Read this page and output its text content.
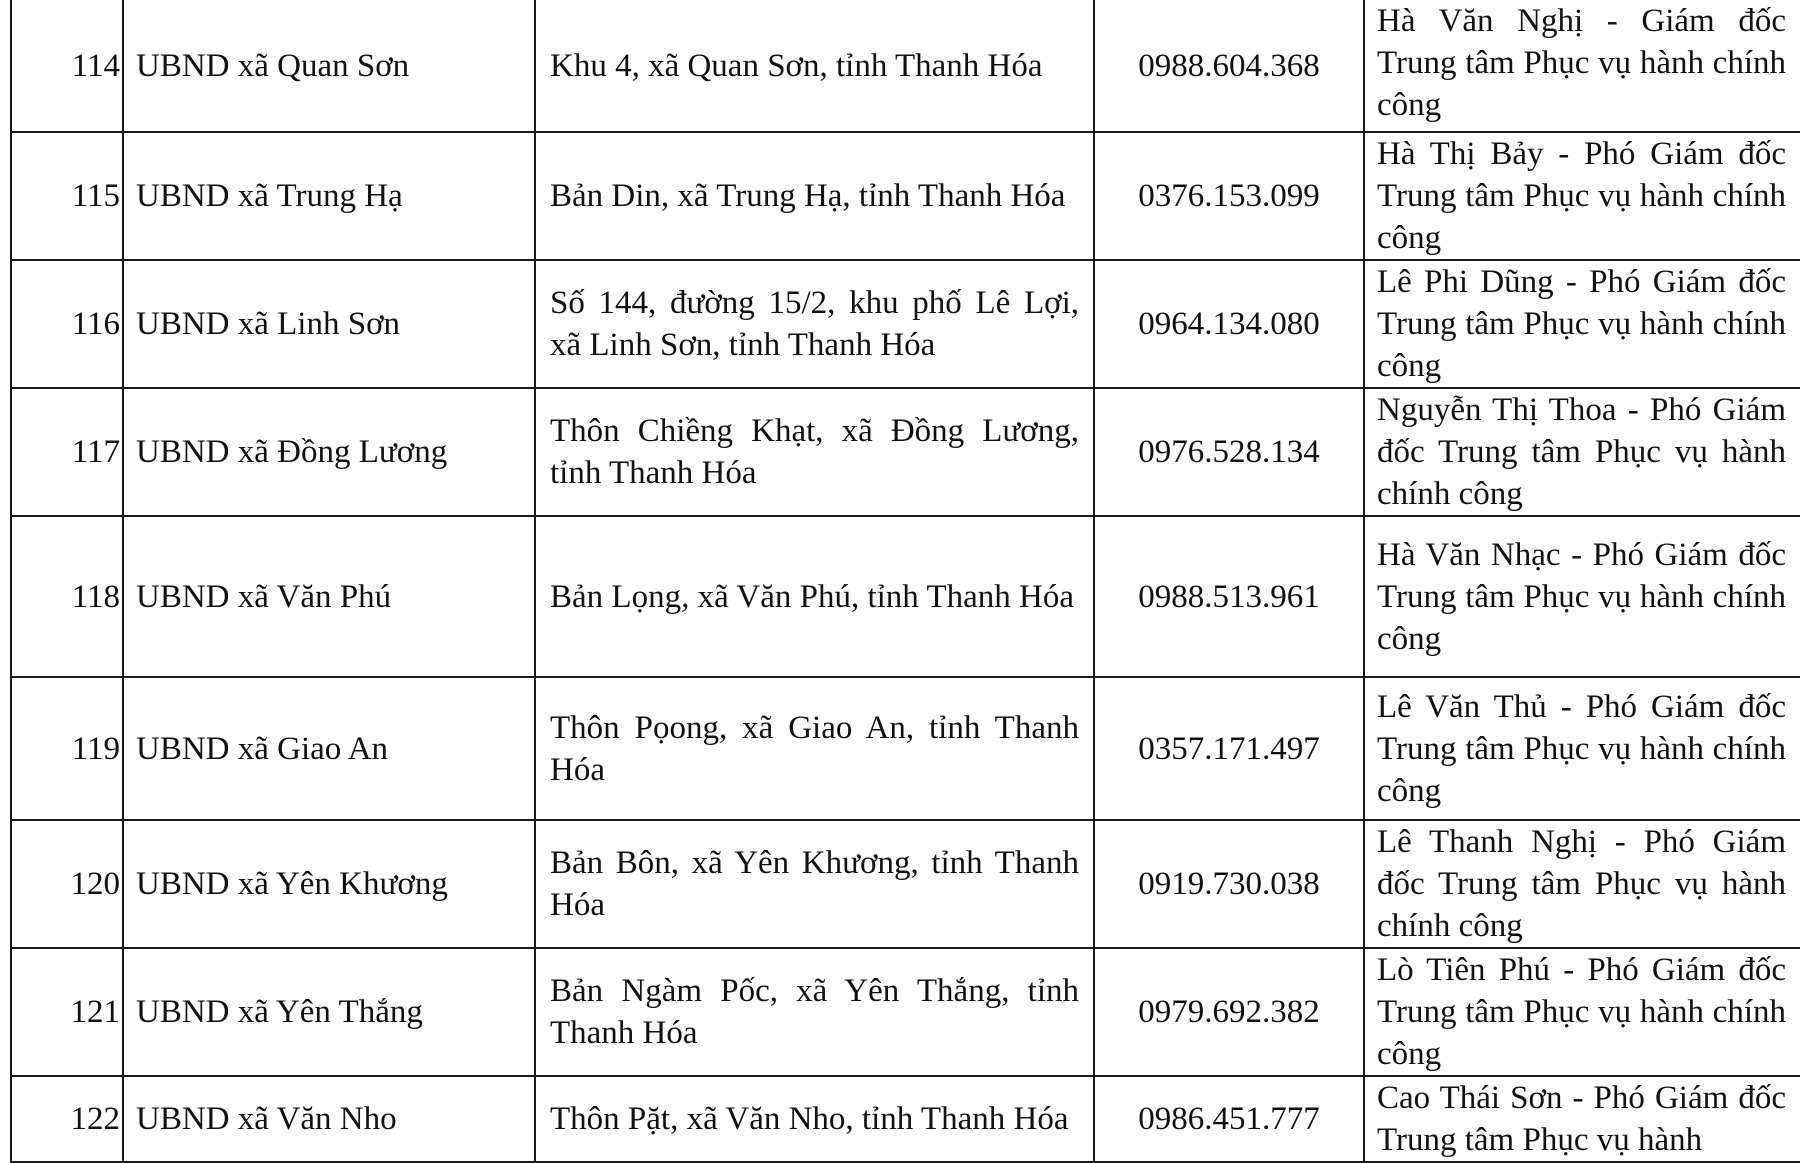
114	UBND xã Quan Sơn	Khu 4, xã Quan Sơn, tỉnh Thanh Hóa	0988.604.368	Hà Văn Nghị - Giám đốc Trung tâm Phục vụ hành chính công
115	UBND xã Trung Hạ	Bản Din, xã Trung Hạ, tỉnh Thanh Hóa	0376.153.099	Hà Thị Bảy - Phó Giám đốc Trung tâm Phục vụ hành chính công
116	UBND xã Linh Sơn	Số 144, đường 15/2, khu phố Lê Lợi, xã Linh Sơn, tỉnh Thanh Hóa	0964.134.080	Lê Phi Dũng - Phó Giám đốc Trung tâm Phục vụ hành chính công
117	UBND xã Đồng Lương	Thôn Chiềng Khạt, xã Đồng Lương, tỉnh Thanh Hóa	0976.528.134	Nguyễn Thị Thoa - Phó Giám đốc Trung tâm Phục vụ hành chính công
118	UBND xã Văn Phú	Bản Lọng, xã Văn Phú, tỉnh Thanh Hóa	0988.513.961	Hà Văn Nhạc - Phó Giám đốc Trung tâm Phục vụ hành chính công
119	UBND xã Giao An	Thôn Pọong, xã Giao An, tỉnh Thanh Hóa	0357.171.497	Lê Văn Thủ - Phó Giám đốc Trung tâm Phục vụ hành chính công
120	UBND xã Yên Khương	Bản Bôn, xã Yên Khương, tỉnh Thanh Hóa	0919.730.038	Lê Thanh Nghị - Phó Giám đốc Trung tâm Phục vụ hành chính công
121	UBND xã Yên Thắng	Bản Ngàm Pốc, xã Yên Thắng, tỉnh Thanh Hóa	0979.692.382	Lò Tiên Phú - Phó Giám đốc Trung tâm Phục vụ hành chính công
122	UBND xã Văn Nho	Thôn Pặt, xã Văn Nho, tỉnh Thanh Hóa	0986.451.777	Cao Thái Sơn - Phó Giám đốc Trung tâm Phục vụ hành
